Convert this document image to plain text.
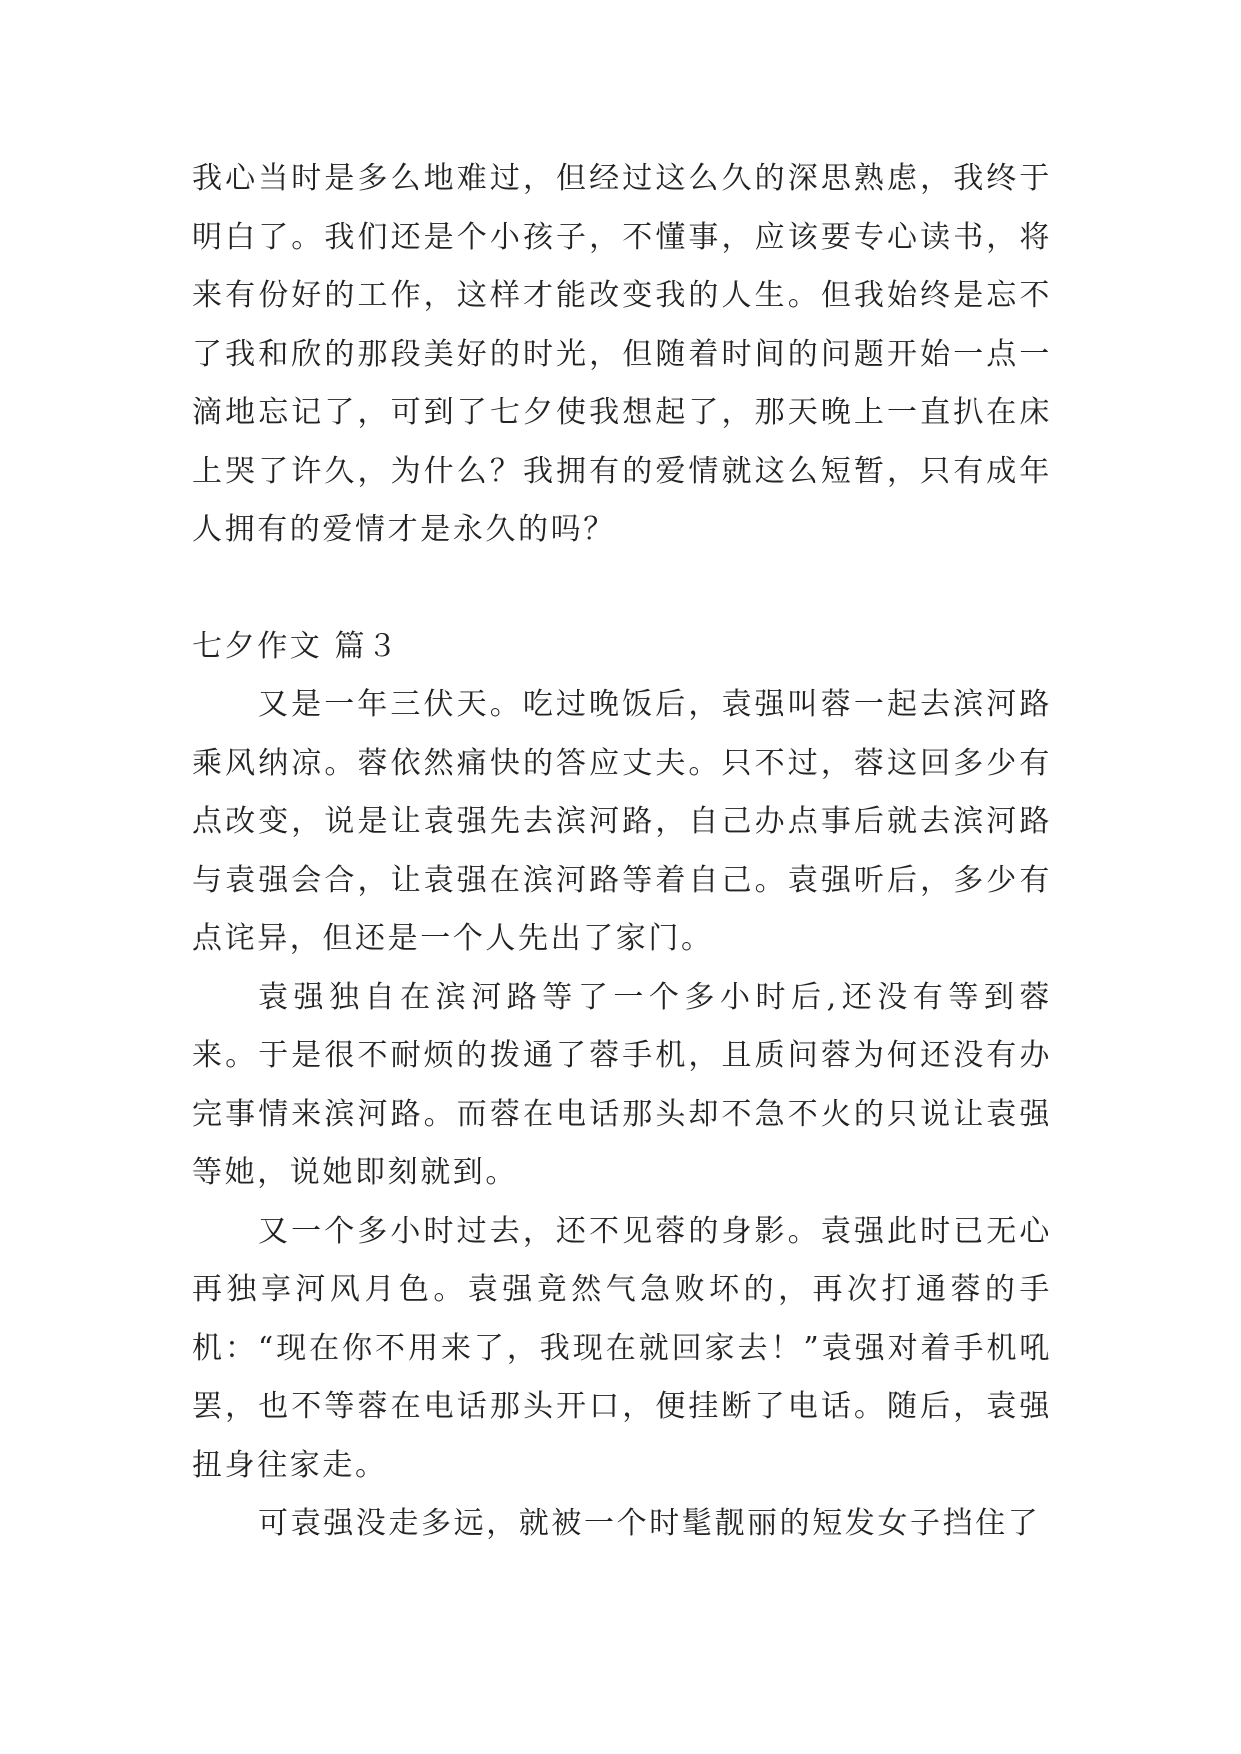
我心当时是多么地难过，但经过这么久的深思熟虑，我终于明白了。我们还是个小孩子，不懂事，应该要专心读书，将来有份好的工作，这样才能改变我的人生。但我始终是忘不了我和欣的那段美好的时光，但随着时间的问题开始一点一滴地忘记了，可到了七夕使我想起了，那天晚上一直扒在床上哭了许久，为什么？我拥有的爱情就这么短暂，只有成年人拥有的爱情才是永久的吗？

七夕作文 篇３

又是一年三伏天。吃过晚饭后，袁强叫蓉一起去滨河路乘风纳凉。蓉依然痛快的答应丈夫。只不过，蓉这回多少有点改变，说是让袁强先去滨河路，自己办点事后就去滨河路与袁强会合，让袁强在滨河路等着自己。袁强听后，多少有点诧异，但还是一个人先出了家门。

袁强独自在滨河路等了一个多小时后,还没有等到蓉来。于是很不耐烦的拨通了蓉手机，且质问蓉为何还没有办完事情来滨河路。而蓉在电话那头却不急不火的只说让袁强等她，说她即刻就到。

又一个多小时过去，还不见蓉的身影。袁强此时已无心再独享河风月色。袁强竟然气急败坏的，再次打通蓉的手机：“现在你不用来了，我现在就回家去！”袁强对着手机吼罢，也不等蓉在电话那头开口，便挂断了电话。随后，袁强扭身往家走。

可袁强没走多远，就被一个时髦靓丽的短发女子挡住了
